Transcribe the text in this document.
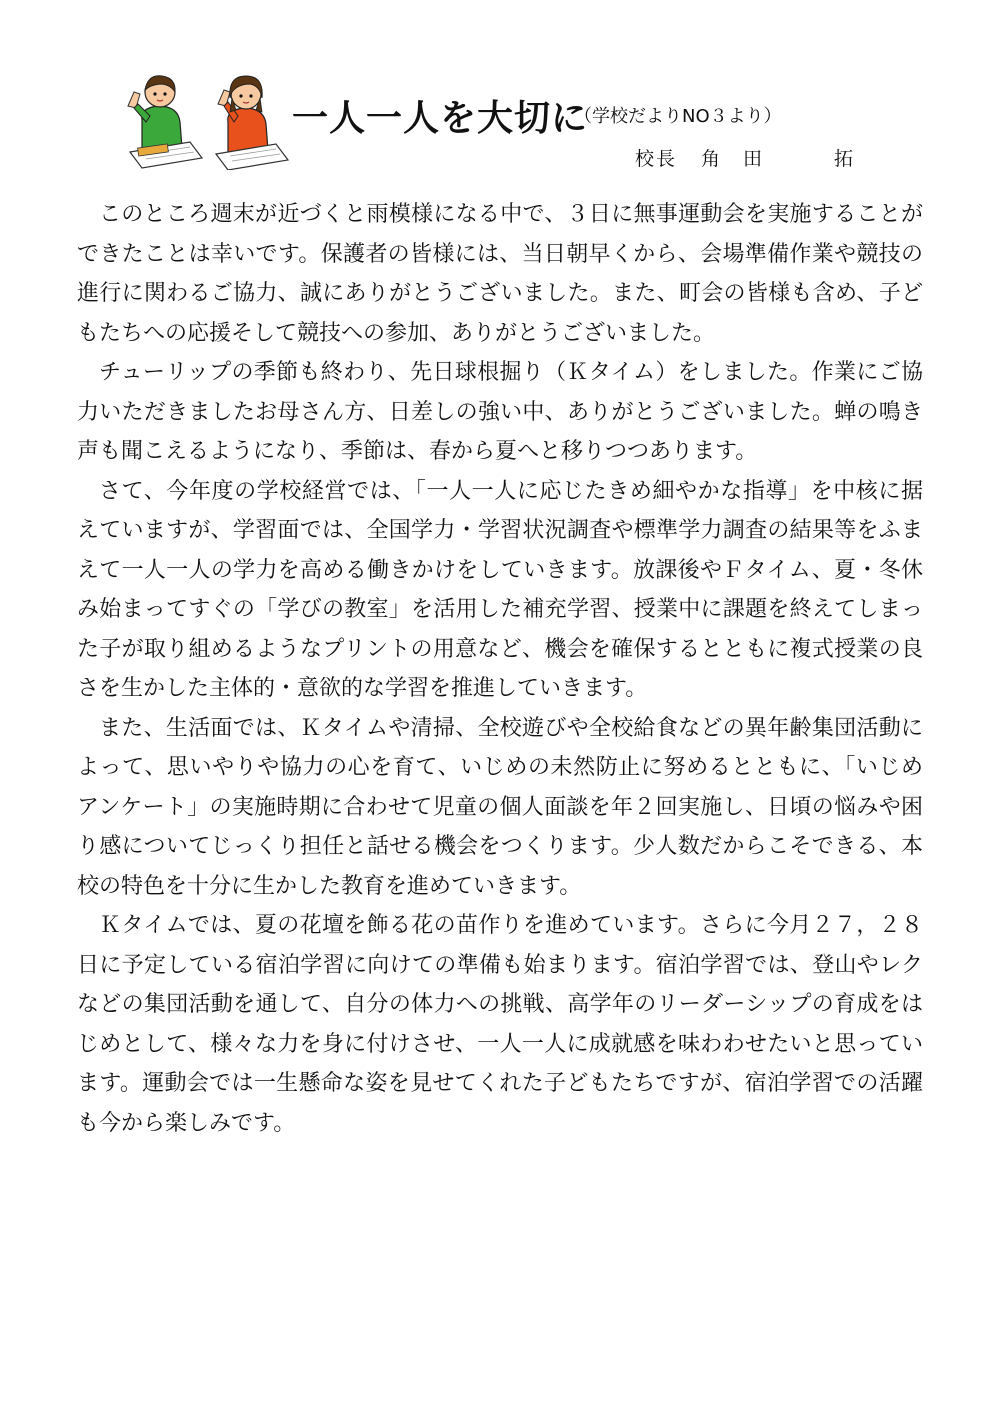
一人一人を大切に
（学校だよりNO３より）
校長 角　田	拓

このところ週末が近づくと雨模様になる中で、３日に無事運動会を実施することができたことは幸いです。保護者の皆様には、当日朝早くから、会場準備作業や競技の進行に関わるご協力、誠にありがとうございました。また、町会の皆様も含め、子どもたちへの応援そして競技への参加、ありがとうございました。

チューリップの季節も終わり、先日球根掘り（Ｋタイム）をしました。作業にご協力いただきましたお母さん方、日差しの強い中、ありがとうございました。蝉の鳴き声も聞こえるようになり、季節は、春から夏へと移りつつあります。

さて、今年度の学校経営では、「一人一人に応じたきめ細やかな指導」を中核に据えていますが、学習面では、全国学力・学習状況調査や標準学力調査の結果等をふまえて一人一人の学力を高める働きかけをしていきます。放課後やＦタイム、夏・冬休み始まってすぐの「学びの教室」を活用した補充学習、授業中に課題を終えてしまった子が取り組めるようなプリントの用意など、機会を確保するとともに複式授業の良さを生かした主体的・意欲的な学習を推進していきます。

また、生活面では、Ｋタイムや清掃、全校遊びや全校給食などの異年齢集団活動によって、思いやりや協力の心を育て、いじめの未然防止に努めるとともに、「いじめアンケート」の実施時期に合わせて児童の個人面談を年２回実施し、日頃の悩みや困り感についてじっくり担任と話せる機会をつくります。少人数だからこそできる、本校の特色を十分に生かした教育を進めていきます。

Ｋタイムでは、夏の花壇を飾る花の苗作りを進めています。さらに今月２７，２８日に予定している宿泊学習に向けての準備も始まります。宿泊学習では、登山やレクなどの集団活動を通して、自分の体力への挑戦、高学年のリーダーシップの育成をはじめとして、様々な力を身に付けさせ、一人一人に成就感を味わわせたいと思っています。運動会では一生懸命な姿を見せてくれた子どもたちですが、宿泊学習での活躍も今から楽しみです。
